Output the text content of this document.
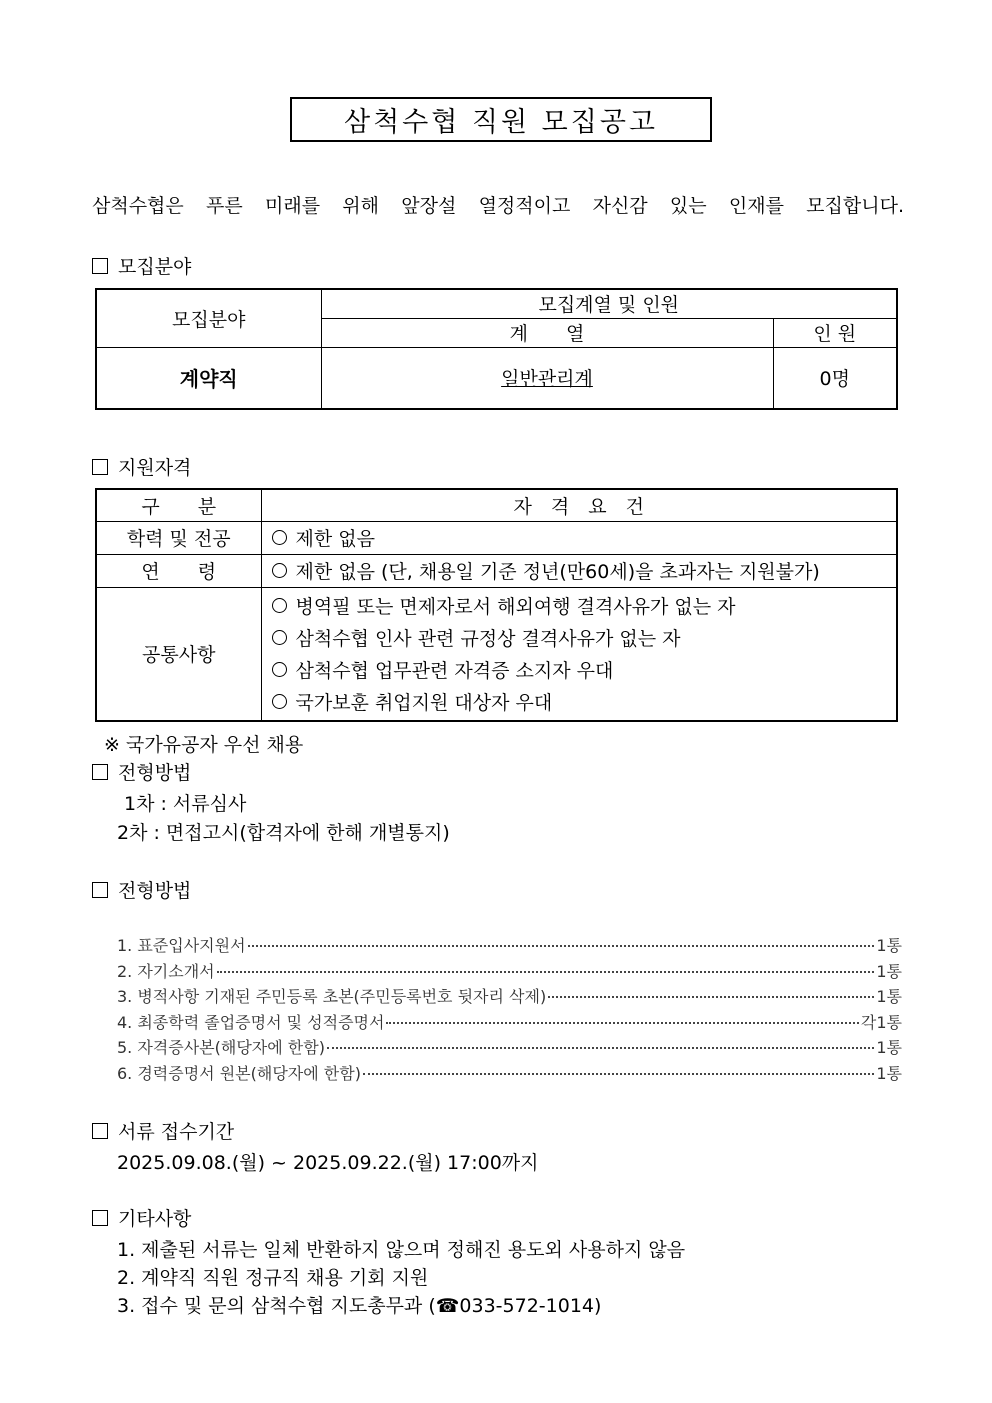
삼척수협 직원 모집공고
삼척수협은 푸른 미래를 위해 앞장설 열정적이고 자신감 있는 인재를 모집합니다.
모집분야
모집분야	모집계열 및 인원	
	계　　열	인 원
계약직	일반관리계	0명
지원자격
구　　분	자　격　요　건
학력 및 전공	제한 없음

연　　령	제한 없음 (단, 채용일 기준 정년(만60세)을 초과자는 지원불가)

공통사항	병역필 또는 면제자로서 해외여행 결격사유가 없는 자
삼척수협 인사 관련 규정상 결격사유가 없는 자
삼척수협 업무관련 자격증 소지자 우대
국가보훈 취업지원 대상자 우대
※ 국가유공자 우선 채용
전형방법
1차 : 서류심사
2차 : 면접고시(합격자에 한해 개별통지)
전형방법
1. 표준입사지원서	1통
2. 자기소개서	1통
3. 병적사항 기재된 주민등록 초본(주민등록번호 뒷자리 삭제)	1통
4. 최종학력 졸업증명서 및 성적증명서	각1통
5. 자격증사본(해당자에 한함)	1통
6. 경력증명서 원본(해당자에 한함)	1통
서류 접수기간
2025.09.08.(월) ~ 2025.09.22.(월) 17:00까지
기타사항
1. 제출된 서류는 일체 반환하지 않으며 정해진 용도외 사용하지 않음
2. 계약직 직원 정규직 채용 기회 지원
3. 접수 및 문의 삼척수협 지도총무과 (☎033-572-1014)
